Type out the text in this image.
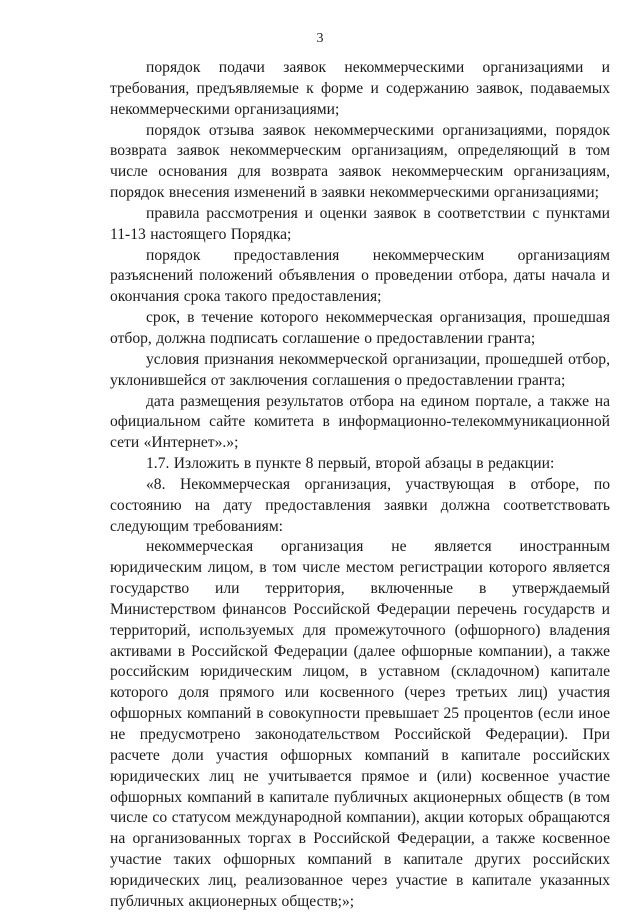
3

порядок подачи заявок некоммерческими организациями и требования, предъявляемые к форме и содержанию заявок, подаваемых некоммерческими организациями;

порядок отзыва заявок некоммерческими организациями, порядок возврата заявок некоммерческим организациям, определяющий в том числе основания для возврата заявок некоммерческим организациям, порядок внесения изменений в заявки некоммерческими организациями;

правила рассмотрения и оценки заявок в соответствии с пунктами 11-13 настоящего Порядка;

порядок предоставления некоммерческим организациям разъяснений положений объявления о проведении отбора, даты начала и окончания срока такого предоставления;

срок, в течение которого некоммерческая организация, прошедшая отбор, должна подписать соглашение о предоставлении гранта;

условия признания некоммерческой организации, прошедшей отбор, уклонившейся от заключения соглашения о предоставлении гранта;

дата размещения результатов отбора на едином портале, а также на официальном сайте комитета в информационно-телекоммуникационной сети «Интернет».»;

1.7. Изложить в пункте 8 первый, второй абзацы в редакции:

«8. Некоммерческая организация, участвующая в отборе, по состоянию на дату предоставления заявки должна соответствовать следующим требованиям:

некоммерческая организация не является иностранным юридическим лицом, в том числе местом регистрации которого является государство или территория, включенные в утверждаемый Министерством финансов Российской Федерации перечень государств и территорий, используемых для промежуточного (офшорного) владения активами в Российской Федерации (далее офшорные компании), а также российским юридическим лицом, в уставном (складочном) капитале которого доля прямого или косвенного (через третьих лиц) участия офшорных компаний в совокупности превышает 25 процентов (если иное не предусмотрено законодательством Российской Федерации). При расчете доли участия офшорных компаний в капитале российских юридических лиц не учитывается прямое и (или) косвенное участие офшорных компаний в капитале публичных акционерных обществ (в том числе со статусом международной компании), акции которых обращаются на организованных торгах в Российской Федерации, а также косвенное участие таких офшорных компаний в капитале других российских юридических лиц, реализованное через участие в капитале указанных публичных акционерных обществ;»;
